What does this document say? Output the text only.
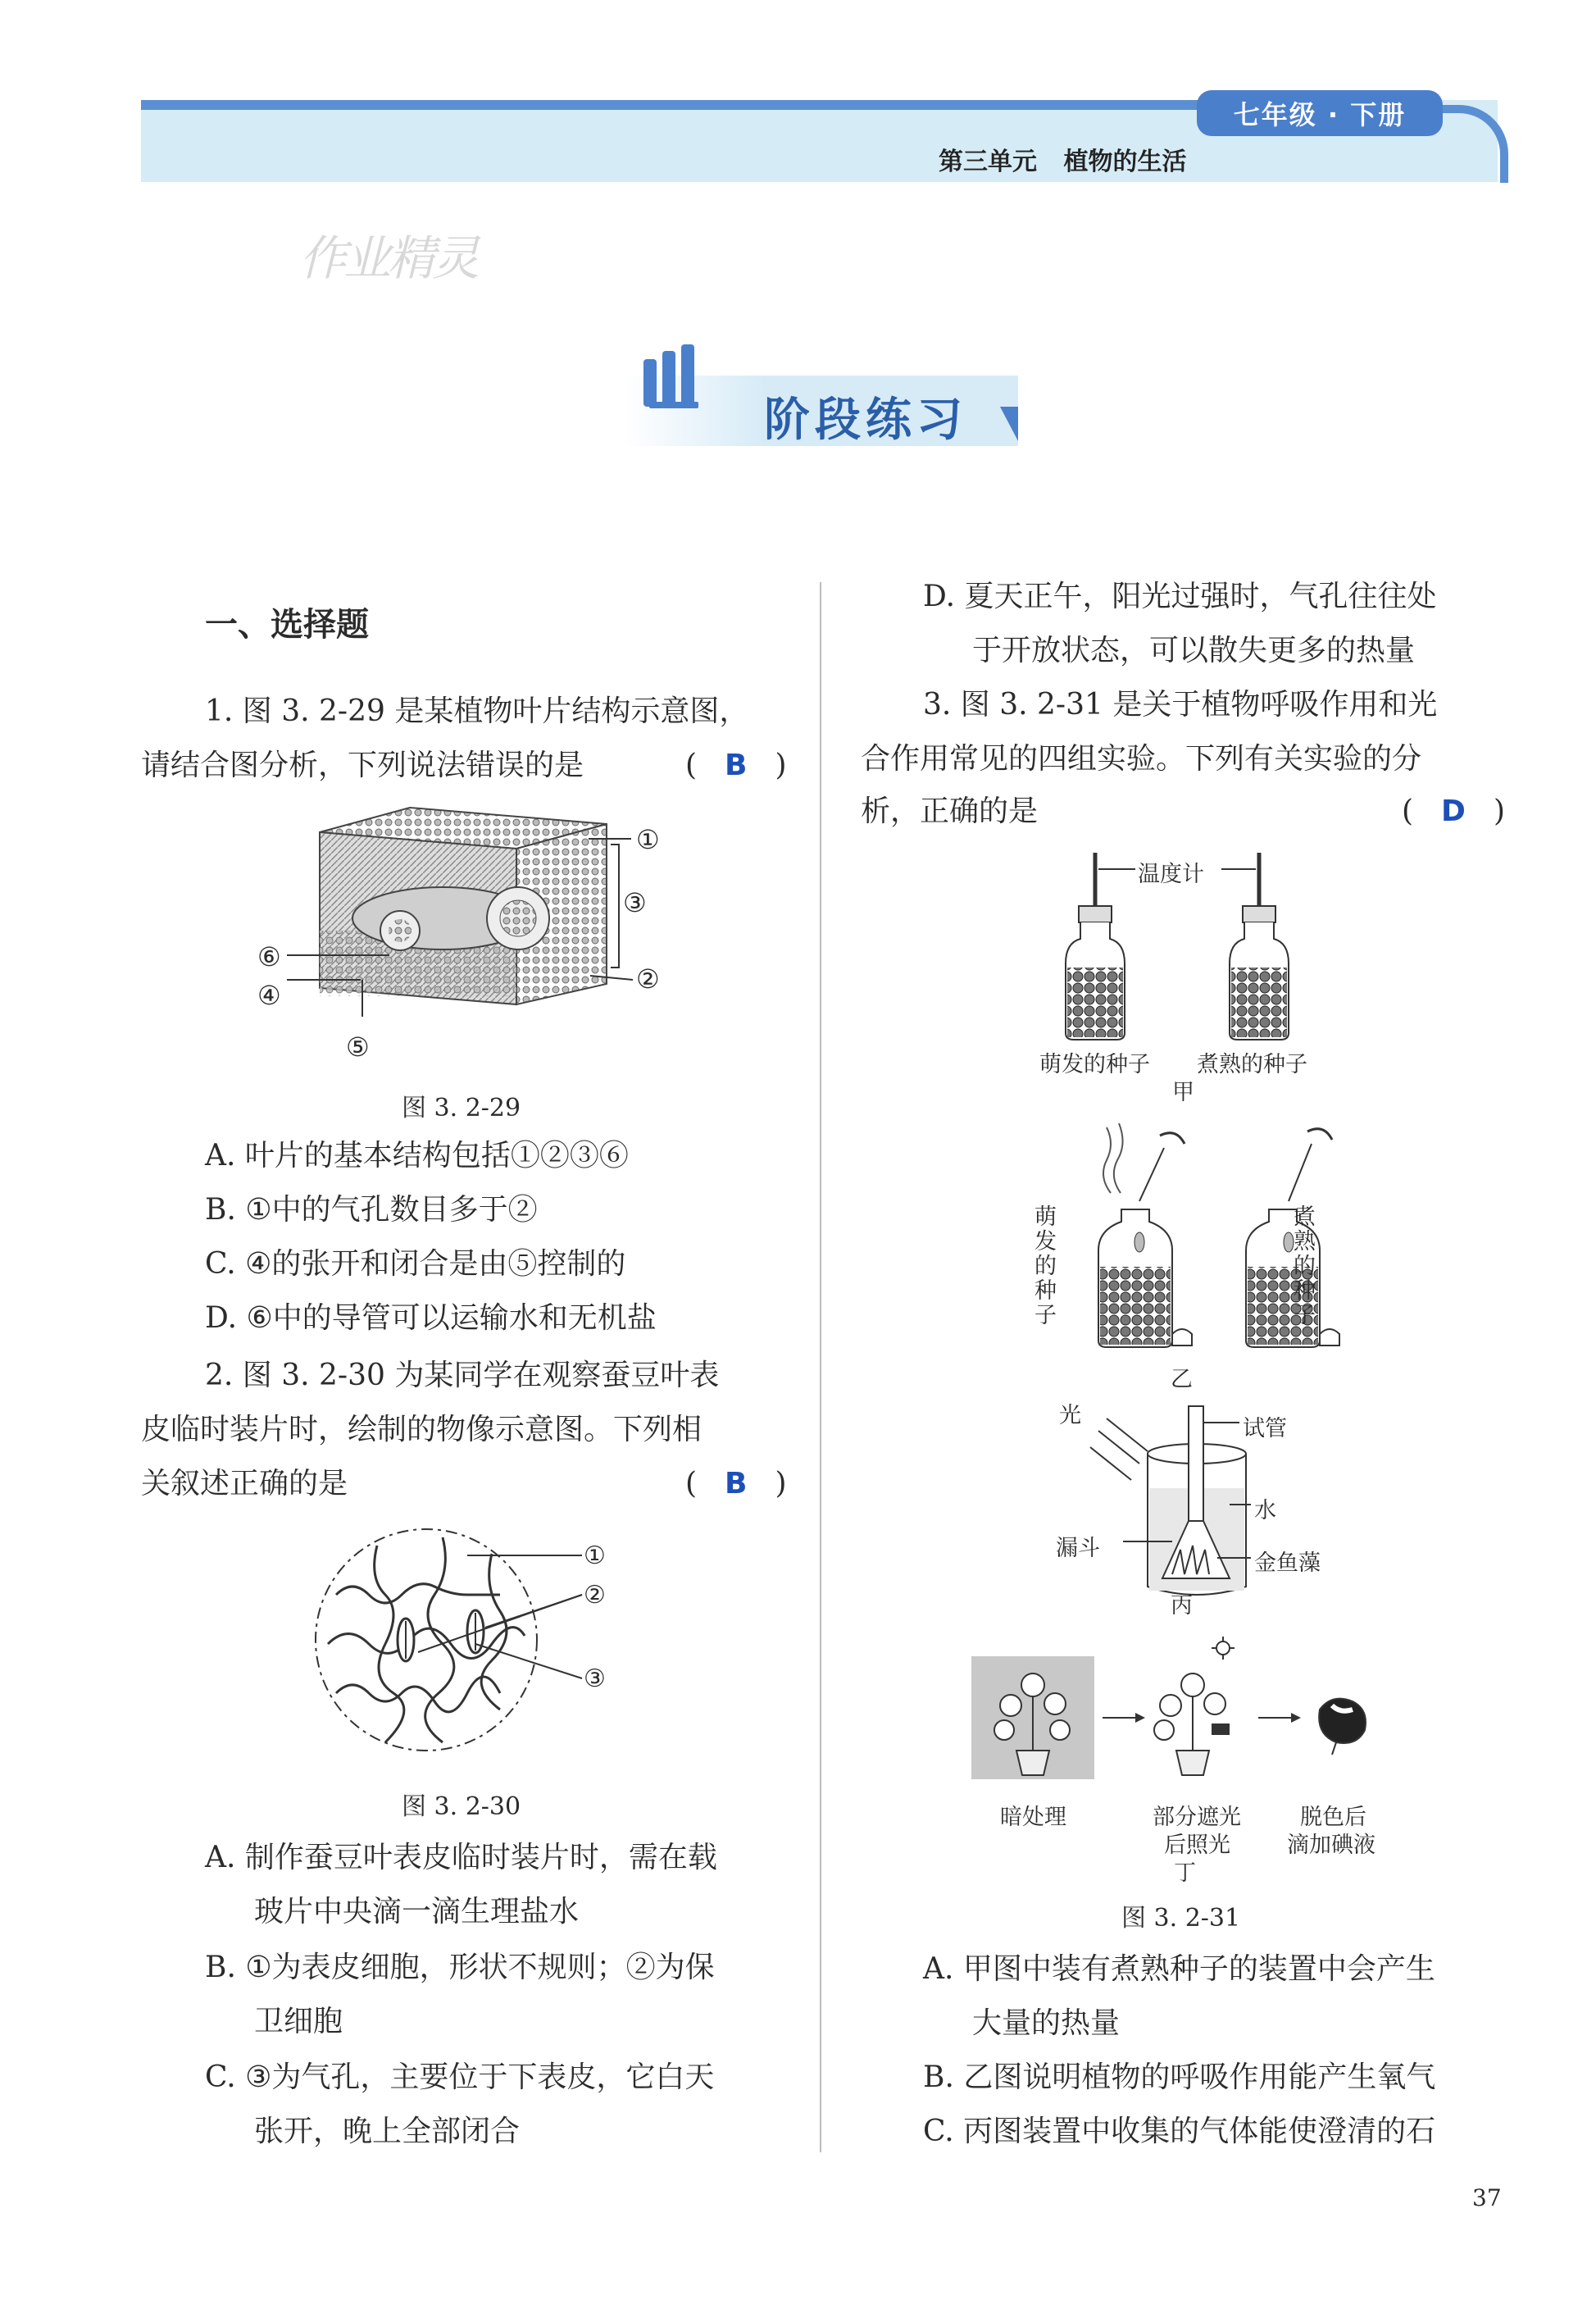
七年级 · 下册
第三单元 植物的生活
作业精灵
阶段练习
一、选择题
1. 图 3. 2-29 是某植物叶片结构示意图，
请结合图分析，下列说法错误的是	( B )
①
③
②
⑥
④
⑤
图 3. 2-29
A. 叶片的基本结构包括①②③⑥
B. ①中的气孔数目多于②
C. ④的张开和闭合是由⑤控制的
D. ⑥中的导管可以运输水和无机盐
2. 图 3. 2-30 为某同学在观察蚕豆叶表
皮临时装片时，绘制的物像示意图。下列相
关叙述正确的是	( B )
①
②
③
图 3. 2-30
A. 制作蚕豆叶表皮临时装片时，需在载
玻片中央滴一滴生理盐水
B. ①为表皮细胞，形状不规则；②为保
卫细胞
C. ③为气孔，主要位于下表皮，它白天
张开，晚上全部闭合
D. 夏天正午，阳光过强时，气孔往往处
于开放状态，可以散失更多的热量
3. 图 3. 2-31 是关于植物呼吸作用和光
合作用常见的四组实验。下列有关实验的分
析，正确的是	( D )
温度计
萌发的种子 煮熟的种子
甲
萌发的种子
煮熟的种子
乙
光
试管
水
漏斗
金鱼藻
丙
暗处理	部分遮光
后照光
丁
脱色后
滴加碘液
图 3. 2-31
A. 甲图中装有煮熟种子的装置中会产生
大量的热量
B. 乙图说明植物的呼吸作用能产生氧气
C. 丙图装置中收集的气体能使澄清的石
37
